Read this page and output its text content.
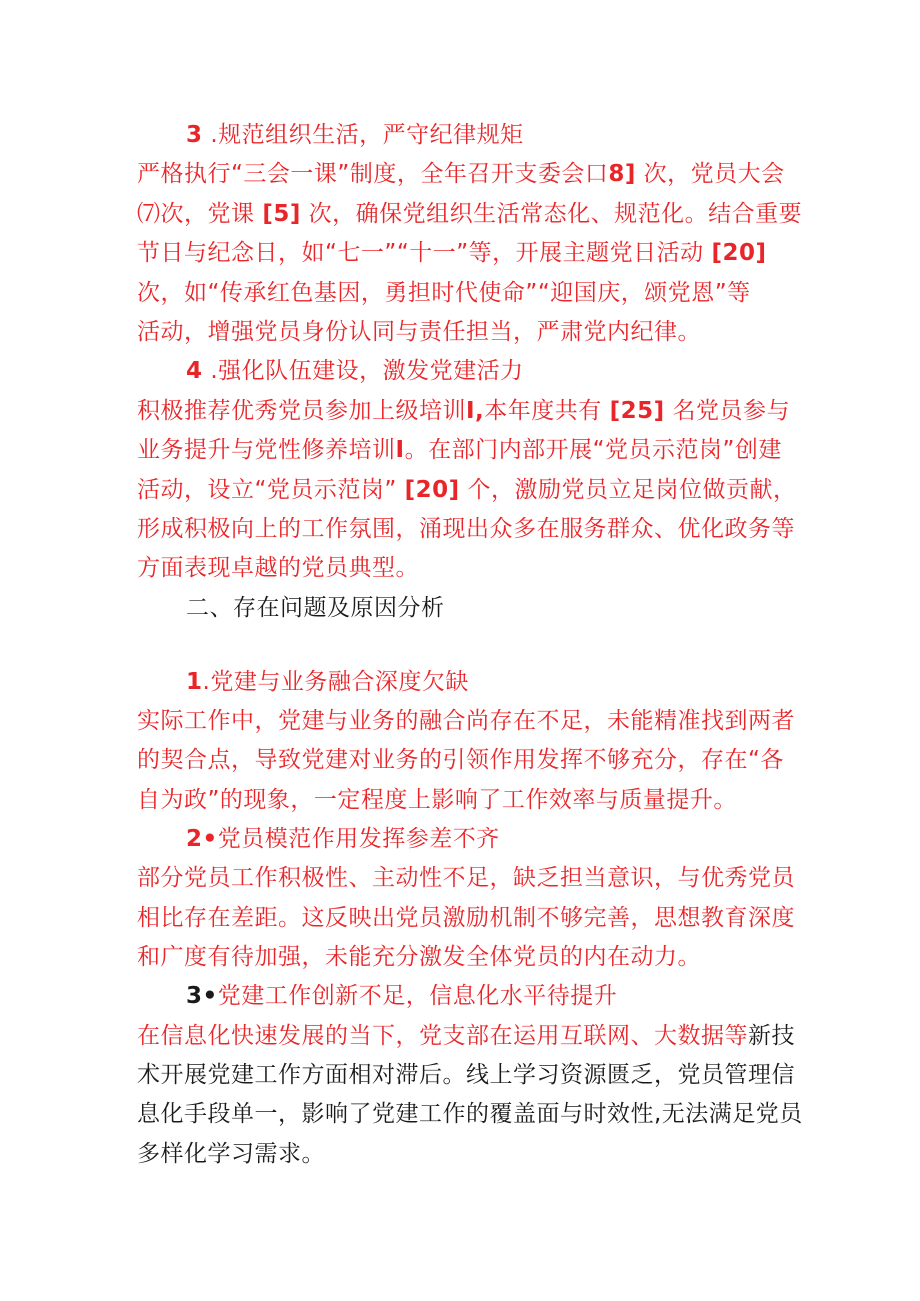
3 .规范组织生活，严守纪律规矩
严格执行“三会一课”制度，全年召开支委会口8] 次，党员大会
⑺次，党课 [5] 次，确保党组织生活常态化、规范化。结合重要
节日与纪念日，如“七一”“十一”等，开展主题党日活动 [20]
次，如“传承红色基因，勇担时代使命”“迎国庆，颂党恩”等
活动，增强党员身份认同与责任担当，严肃党内纪律。
4 .强化队伍建设，激发党建活力
积极推荐优秀党员参加上级培训I,本年度共有 [25] 名党员参与
业务提升与党性修养培训I。在部门内部开展“党员示范岗”创建
活动，设立“党员示范岗” [20] 个，激励党员立足岗位做贡献，
形成积极向上的工作氛围，涌现出众多在服务群众、优化政务等
方面表现卓越的党员典型。
二、存在问题及原因分析
1.党建与业务融合深度欠缺
实际工作中，党建与业务的融合尚存在不足，未能精准找到两者
的契合点，导致党建对业务的引领作用发挥不够充分，存在“各
自为政”的现象，一定程度上影响了工作效率与质量提升。
2•党员模范作用发挥参差不齐
部分党员工作积极性、主动性不足，缺乏担当意识，与优秀党员
相比存在差距。这反映出党员激励机制不够完善，思想教育深度
和广度有待加强，未能充分激发全体党员的内在动力。
3•党建工作创新不足，信息化水平待提升
在信息化快速发展的当下，党支部在运用互联网、大数据等新技
术开展党建工作方面相对滞后。线上学习资源匮乏，党员管理信
息化手段单一，影响了党建工作的覆盖面与时效性,无法满足党员
多样化学习需求。
